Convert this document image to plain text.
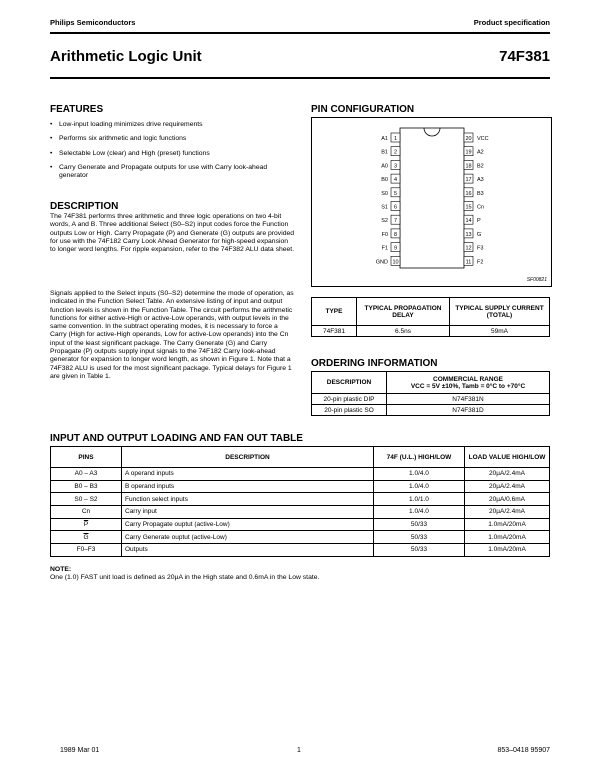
Philips Semiconductors	Product specification
Arithmetic Logic Unit	74F381
FEATURES
• Low-input loading minimizes drive requirements
• Performs six arithmetic and logic functions
• Selectable Low (clear) and High (preset) functions
• Carry Generate and Propagate outputs for use with Carry look-ahead generator
DESCRIPTION
The 74F381 performs three arithmetic and three logic operations on two 4-bit words, A and B. Three additional Select (S0–S2) input codes force the Function outputs Low or High. Carry Propagate (P) and Generate (G) outputs are provided for use with the 74F182 Carry Look Ahead Generator for high-speed expansion to longer word lengths. For ripple expansion, refer to the 74F382 ALU data sheet.
Signals applied to the Select inputs (S0–S2) determine the mode of operation, as indicated in the Function Select Table. An extensive listing of input and output function levels is shown in the Function Table. The circuit performs the arithmetic functions for either active-High or active-Low operands, with output levels in the same convention. In the subtract operating modes, it is necessary to force a Carry (High for active-High operands, Low for active-Low operands) into the Cn input of the least significant package. The Carry Generate (G) and Carry Propagate (P) outputs supply input signals to the 74F182 Carry look-ahead generator for expansion to longer word length, as shown in Figure 1. Note that a 74F382 ALU is used for the most significant package. Typical delays for Figure 1 are given in Table 1.
PIN CONFIGURATION
1
A1
2
B1
3
A0
4
B0
5
S0
6
S1
7
S2
8
F0
9
F1
10
GND
20 VCC
19 A2
18 B2
17 A3
16 B3
15 Cn
14 P
13 G
12 F3
11 F2
SF00821
TYPE	TYPICAL PROPAGATION DELAY	TYPICAL SUPPLY CURRENT (TOTAL)
74F381	6.5ns	59mA
ORDERING INFORMATION
DESCRIPTION	COMMERCIAL RANGE
VCC = 5V ±10%, Tamb = 0°C to +70°C

20-pin plastic DIP	N74F381N
20-pin plastic SO	N74F381D
INPUT AND OUTPUT LOADING AND FAN OUT TABLE
PINS	DESCRIPTION	74F (U.L.) HIGH/LOW	LOAD VALUE HIGH/LOW
A0 – A3	A operand inputs	1.0/4.0	20µA/2.4mA
B0 – B3	B operand inputs	1.0/4.0	20µA/2.4mA
S0 – S2	Function select inputs	1.0/1.0	20µA/0.6mA
Cn	Carry input	1.0/4.0	20µA/2.4mA
$\overline{P}$	Carry Propagate ouptut (active-Low)	50/33	1.0mA/20mA
$\overline{G}$	Carry Generate ouptut (active-Low)	50/33	1.0mA/20mA
F0–F3	Outputs	50/33	1.0mA/20mA
NOTE:
One (1.0) FAST unit load is defined as 20µA in the High state and 0.6mA in the Low state.
1989 Mar 01	1	853–0418 95907
